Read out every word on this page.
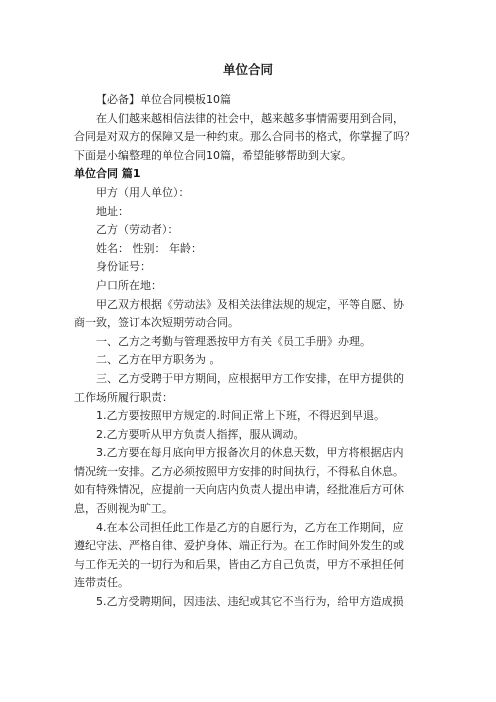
单位合同

【必备】单位合同模板10篇

在人们越来越相信法律的社会中，越来越多事情需要用到合同，

合同是对双方的保障又是一种约束。那么合同书的格式，你掌握了吗？

下面是小编整理的单位合同10篇，希望能够帮助到大家。

单位合同 篇1

甲方（用人单位）：

地址：

乙方（劳动者）：

姓名： 性别： 年龄：

身份证号：

户口所在地：

甲乙双方根据《劳动法》及相关法律法规的规定，平等自愿、协

商一致，签订本次短期劳动合同。

一、乙方之考勤与管理悉按甲方有关《员工手册》办理。

二、乙方在甲方职务为 。

三、乙方受聘于甲方期间，应根据甲方工作安排，在甲方提供的

工作场所履行职责：

1.乙方要按照甲方规定的.时间正常上下班，不得迟到早退。

2.乙方要听从甲方负责人指挥，服从调动。

3.乙方要在每月底向甲方报备次月的休息天数，甲方将根据店内

情况统一安排。乙方必须按照甲方安排的时间执行，不得私自休息。

如有特殊情况，应提前一天向店内负责人提出申请，经批准后方可休

息，否则视为旷工。

4.在本公司担任此工作是乙方的自愿行为，乙方在工作期间，应

遵纪守法、严格自律、爱护身体、端正行为。在工作时间外发生的或

与工作无关的一切行为和后果，皆由乙方自己负责，甲方不承担任何

连带责任。

5.乙方受聘期间，因违法、违纪或其它不当行为，给甲方造成损
